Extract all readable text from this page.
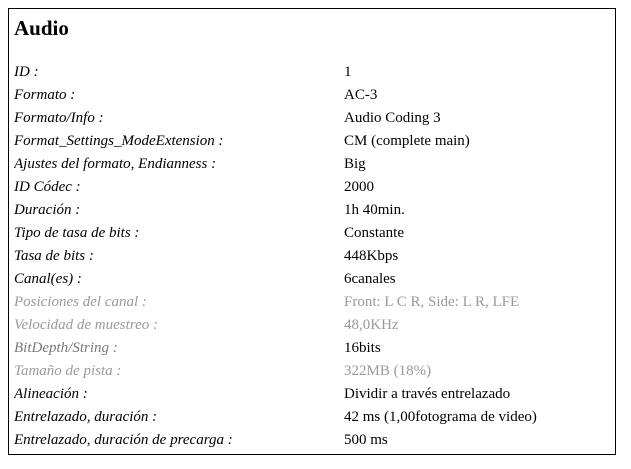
Audio
ID :	1
Formato :	AC-3
Formato/Info :	Audio Coding 3
Format_Settings_ModeExtension :	CM (complete main)
Ajustes del formato, Endianness :	Big
ID Códec :	2000
Duración :	1h 40min.
Tipo de tasa de bits :	Constante
Tasa de bits :	448Kbps
Canal(es) :	6canales
Posiciones del canal :	Front: L C R, Side: L R, LFE
Velocidad de muestreo :	48,0KHz
BitDepth/String :	16bits
Tamaño de pista :	322MB (18%)
Alineación :	Dividir a través entrelazado
Entrelazado, duración :	42 ms (1,00fotograma de video)
Entrelazado, duración de precarga :	500 ms
